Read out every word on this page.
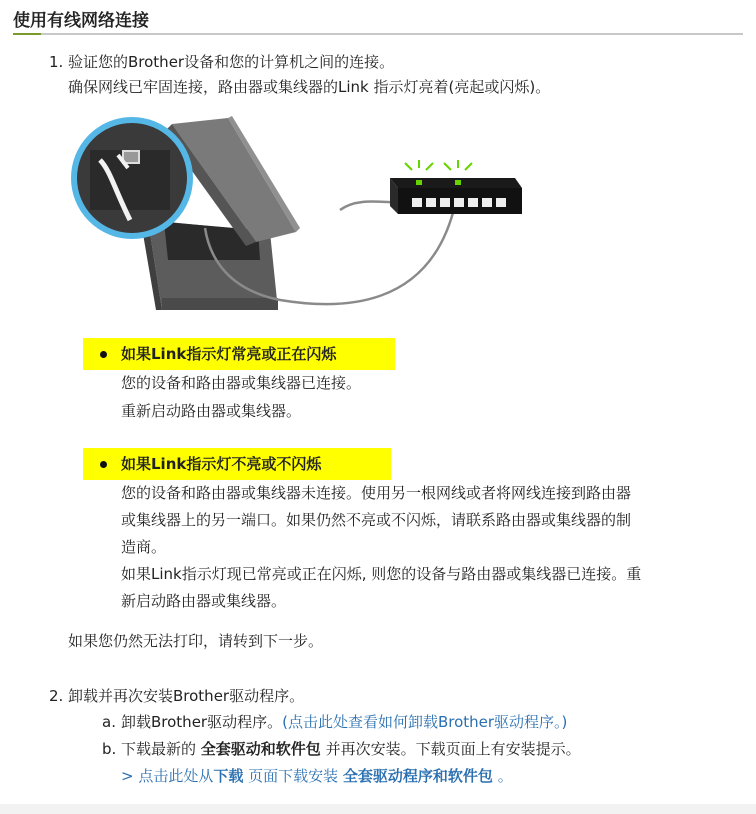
使用有线网络连接
1. 验证您的Brother设备和您的计算机之间的连接。
确保网线已牢固连接，路由器或集线器的Link 指示灯亮着(亮起或闪烁)。
如果Link指示灯常亮或正在闪烁
您的设备和路由器或集线器已连接。
重新启动路由器或集线器。
如果Link指示灯不亮或不闪烁
您的设备和路由器或集线器未连接。使用另一根网线或者将网线连接到路由器
或集线器上的另一端口。如果仍然不亮或不闪烁，请联系路由器或集线器的制
造商。
如果Link指示灯现已常亮或正在闪烁, 则您的设备与路由器或集线器已连接。重
新启动路由器或集线器。
如果您仍然无法打印，请转到下一步。
2. 卸载并再次安装Brother驱动程序。
a. 卸载Brother驱动程序。(点击此处查看如何卸载Brother驱动程序。)
b. 下载最新的 全套驱动和软件包 并再次安装。下载页面上有安装提示。
> 点击此处从下载 页面下载安装 全套驱动程序和软件包 。
